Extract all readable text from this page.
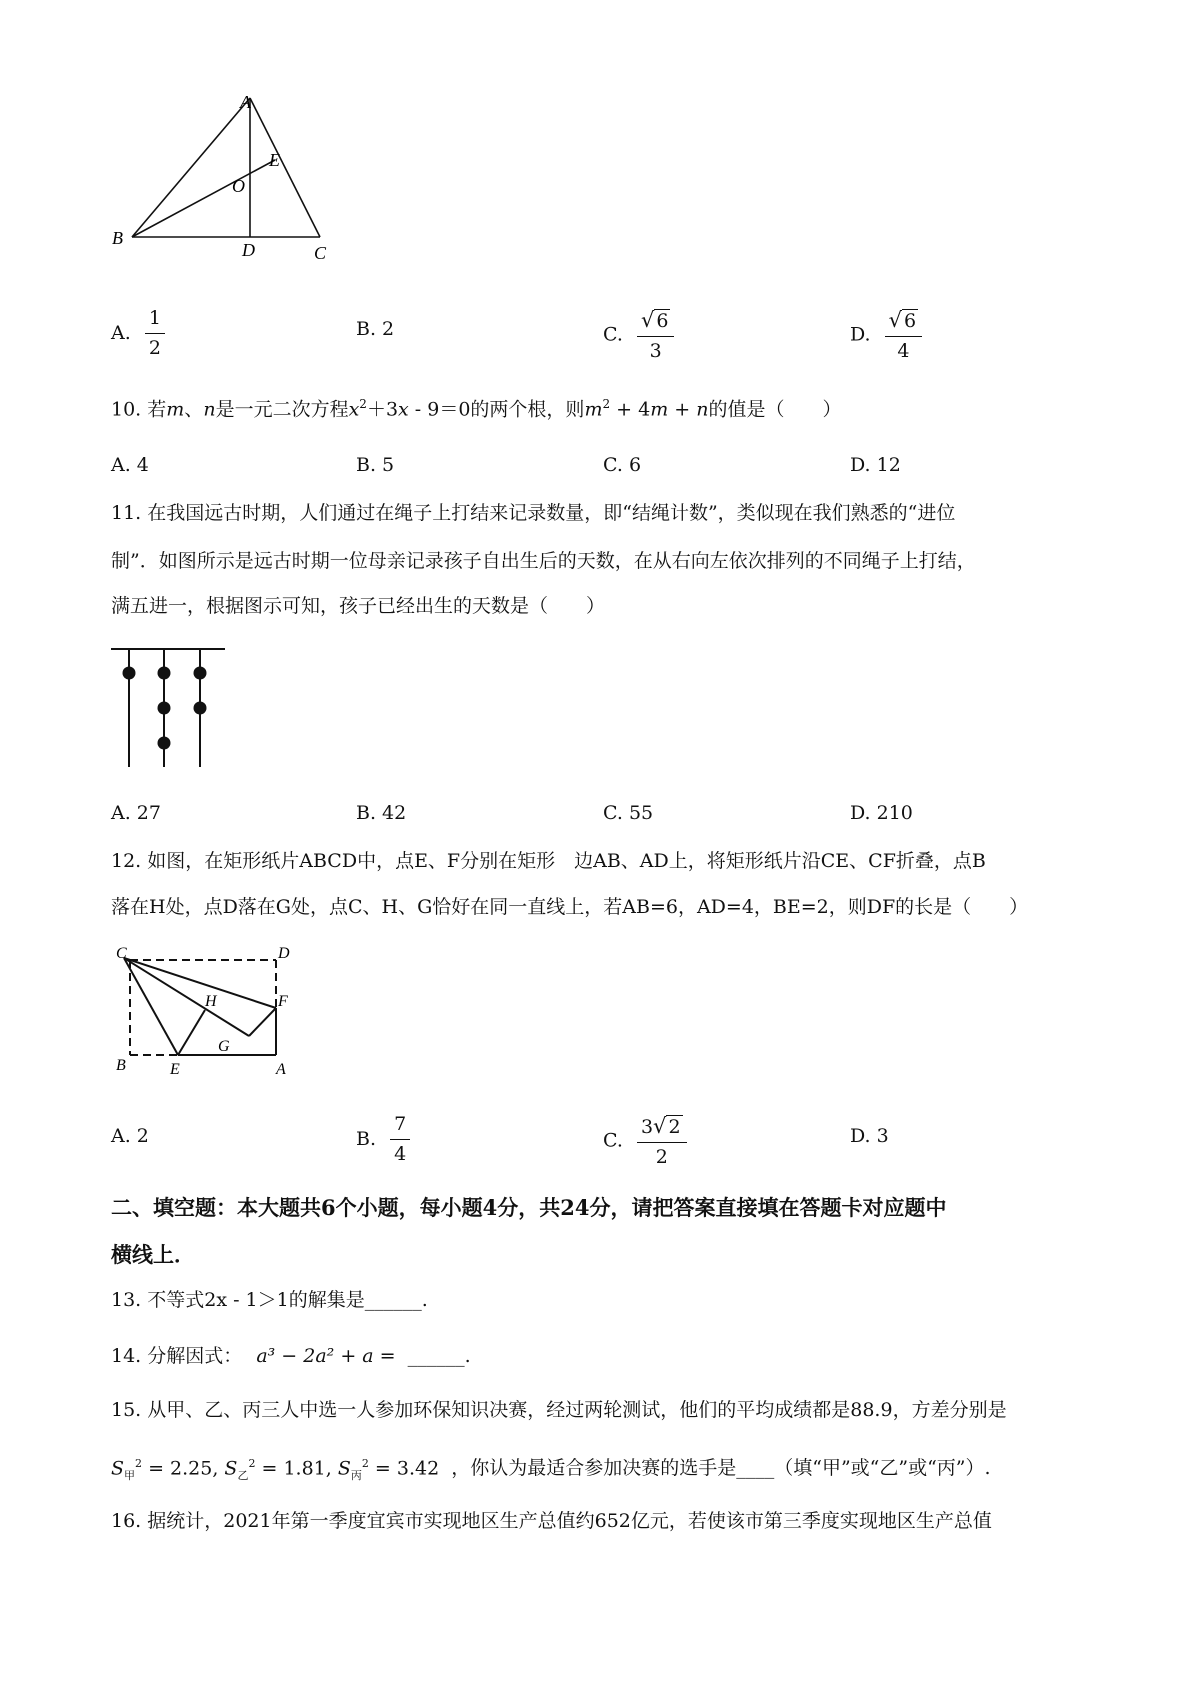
A
B
C
D
E
O
A. $\frac{1}{2}$	B. 2	C. $\frac{√ 6}{3}$	D. $\frac{√ 6}{4}$
10. 若m、n是一元二次方程$x^2+3x - 9=0$的两个根，则$m^2 + 4m + n$的值是（　　）
A. 4	B. 5	C. 6	D. 12
11. 在我国远古时期，人们通过在绳子上打结来记录数量，即“结绳计数”，类似现在我们熟悉的“进位
制”．如图所示是远古时期一位母亲记录孩子自出生后的天数，在从右向左依次排列的不同绳子上打结，
满五进一，根据图示可知，孩子已经出生的天数是（　　）
A. 27	B. 42	C. 55	D. 210
12. 如图，在矩形纸片ABCD中，点E、F分别在矩形　边AB、AD上，将矩形纸片沿CE、CF折叠，点B
落在H处，点D落在G处，点C、H、G恰好在同一直线上，若AB=6，AD=4，BE=2，则DF的长是（　　）
C	D
F
H
G
B	E	A
A. 2	B. $\frac{7}{4}$	C. $\frac{3√ 2}{2}$	D. 3
二、填空题：本大题共6个小题，每小题4分，共24分，请把答案直接填在答题卡对应题中
横线上．
13. 不等式2x - 1＞1的解集是______.
14. 分解因式： a³ − 2a² + a = ______.
15. 从甲、乙、丙三人中选一人参加环保知识决赛，经过两轮测试，他们的平均成绩都是88.9，方差分别是
$S_甲^2 = 2.25$, $S_乙^2 = 1.81$, $S_丙^2 = 3.42$ ，你认为最适合参加决赛的选手是____（填“甲”或“乙”或“丙”）.
16. 据统计，2021年第一季度宜宾市实现地区生产总值约652亿元，若使该市第三季度实现地区生产总值
